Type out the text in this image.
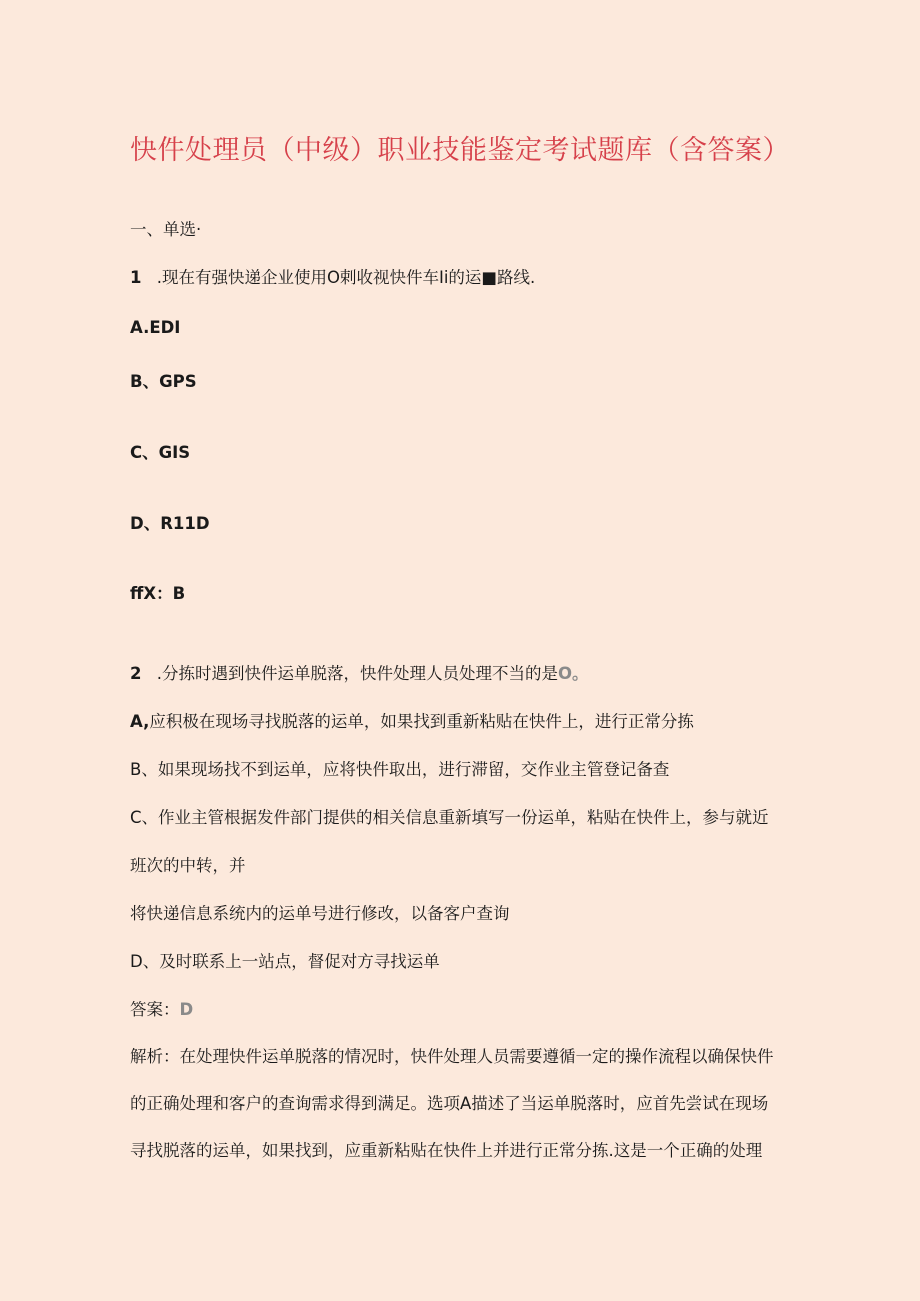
快件处理员（中级）职业技能鉴定考试题库（含答案）
一、单选·
1 .现在有强快递企业使用O剌收视快件车Ii的运■路线.
A.EDI
B、GPS
C、GIS
D、R11D
ffX：B
2 .分拣时遇到快件运单脱落，快件处理人员处理不当的是O。
A,应积极在现场寻找脱落的运单，如果找到重新粘贴在快件上，进行正常分拣
B、如果现场找不到运单，应将快件取出，进行滞留，交作业主管登记备查
C、作业主管根据发件部门提供的相关信息重新填写一份运单，粘贴在快件上，参与就近
班次的中转，并
将快递信息系统内的运单号进行修改，以备客户查询
D、及时联系上一站点，督促对方寻找运单
答案：D
解析：在处理快件运单脱落的情况时，快件处理人员需要遵循一定的操作流程以确保快件
的正确处理和客户的查询需求得到满足。选项A描述了当运单脱落时，应首先尝试在现场
寻找脱落的运单，如果找到，应重新粘贴在快件上并进行正常分拣.这是一个正确的处理
